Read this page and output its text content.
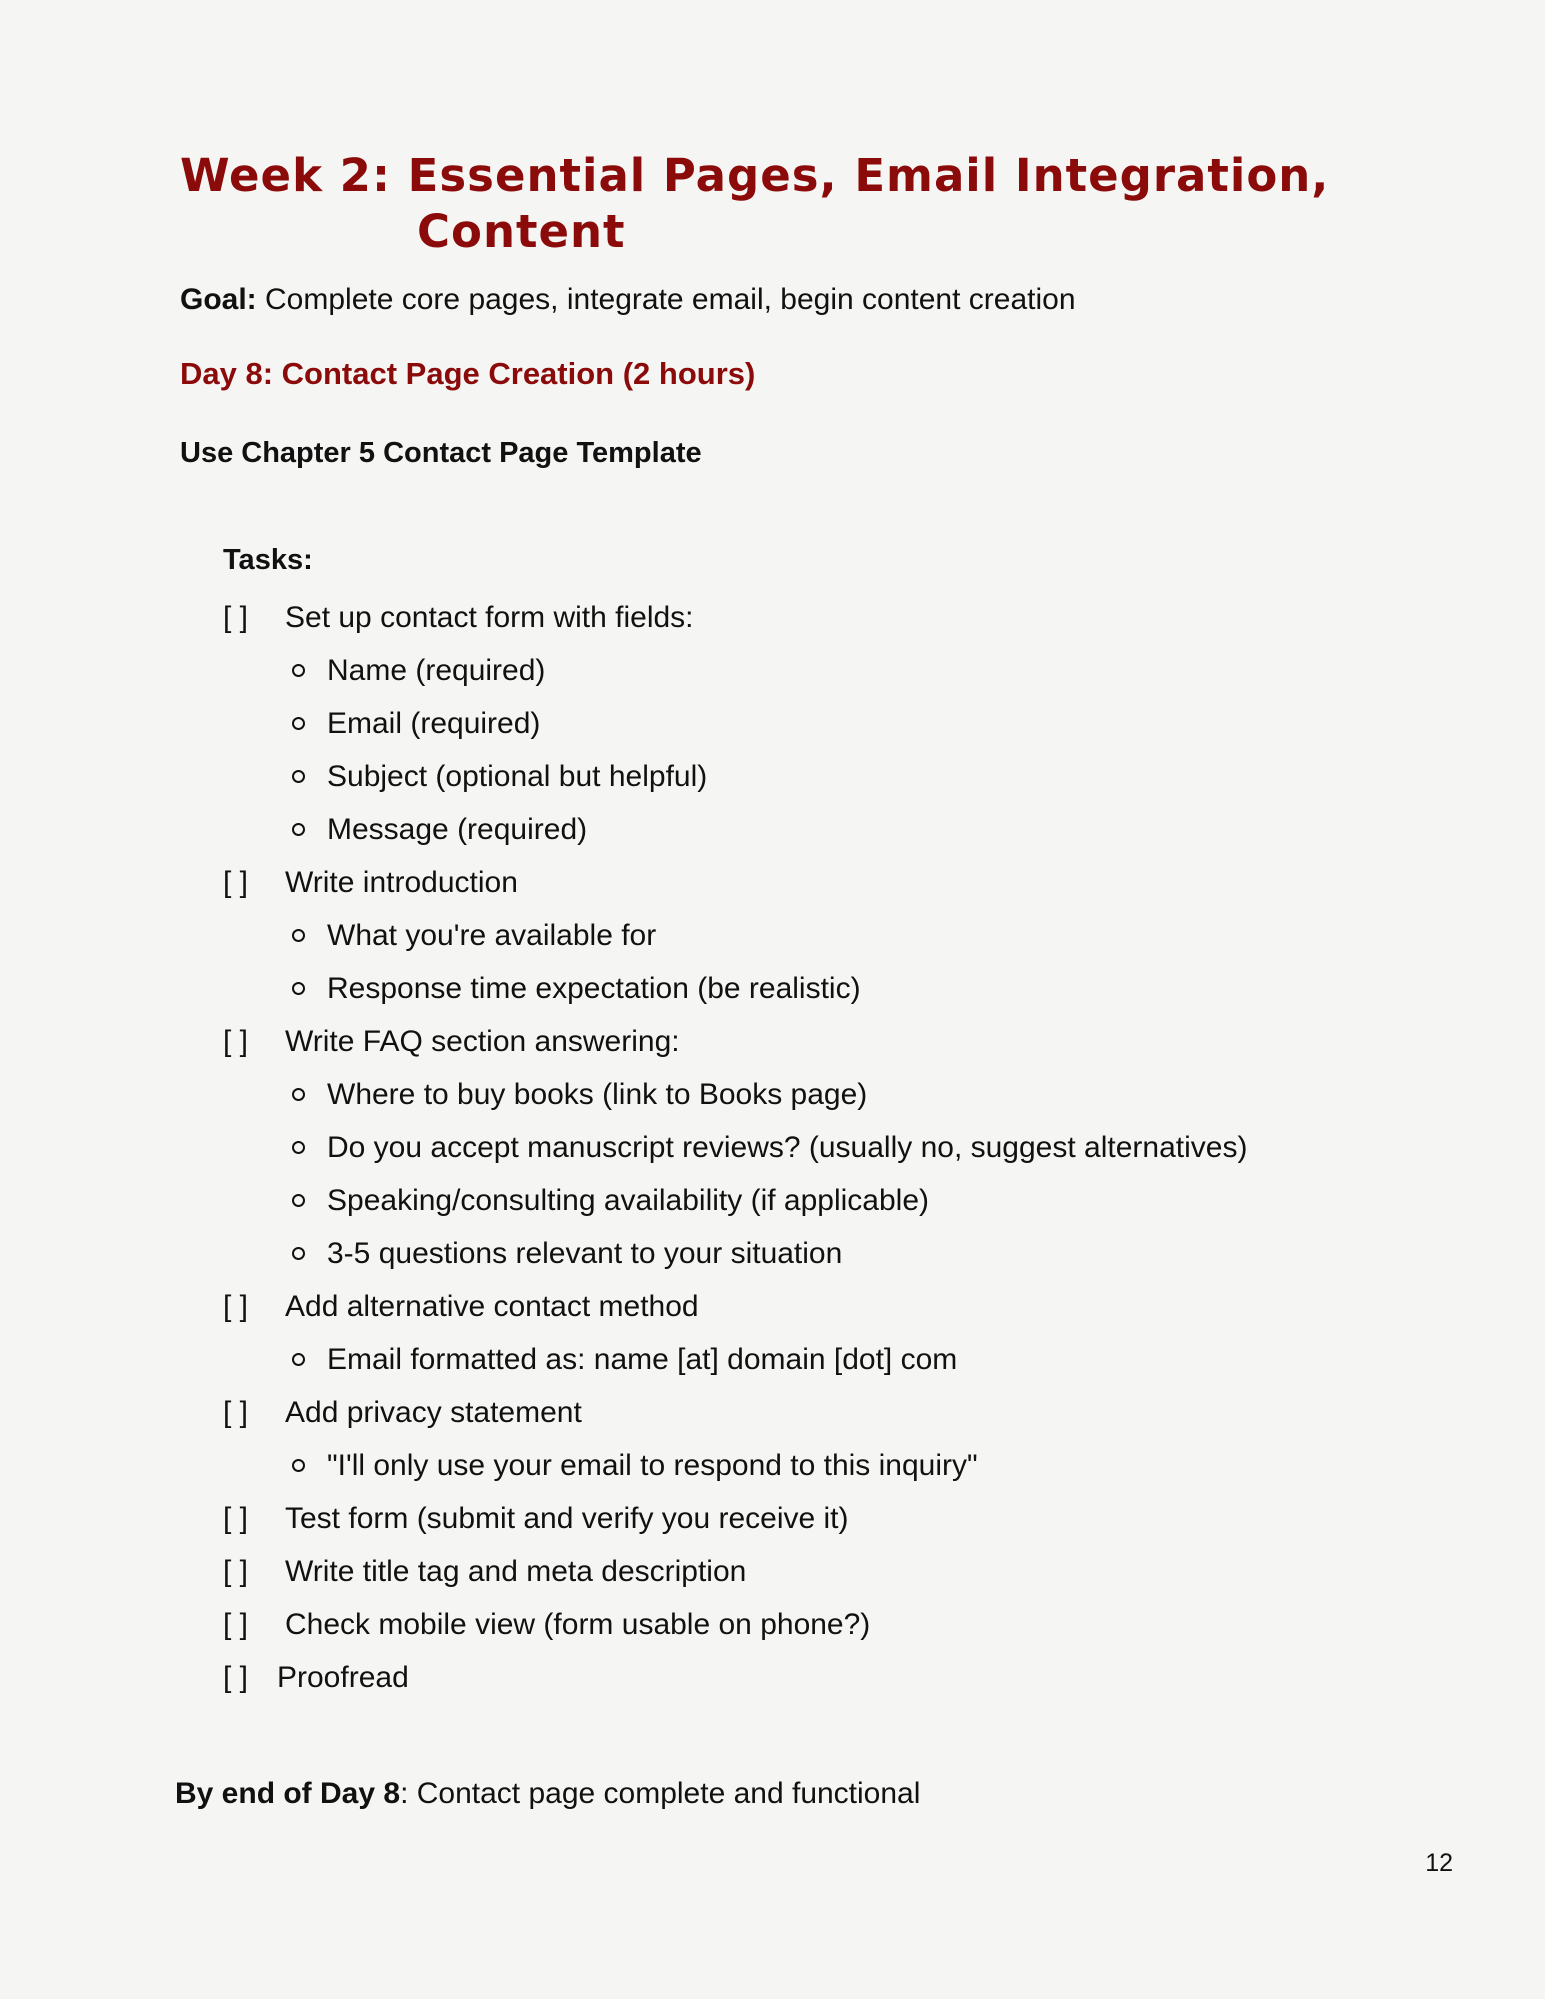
Week 2: Essential Pages, Email Integration,
Content
Goal: Complete core pages, integrate email, begin content creation
Day 8: Contact Page Creation (2 hours)
Use Chapter 5 Contact Page Template
Tasks:
[ ]	Set up contact form with fields:
Name (required)
Email (required)
Subject (optional but helpful)
Message (required)
[ ]	Write introduction
What you're available for
Response time expectation (be realistic)
[ ]	Write FAQ section answering:
Where to buy books (link to Books page)
Do you accept manuscript reviews? (usually no, suggest alternatives)
Speaking/consulting availability (if applicable)
3-5 questions relevant to your situation
[ ]	Add alternative contact method
Email formatted as: name [at] domain [dot] com
[ ]	Add privacy statement
"I'll only use your email to respond to this inquiry"
[ ]	Test form (submit and verify you receive it)
[ ]	Write title tag and meta description
[ ]	Check mobile view (form usable on phone?)
[ ] Proofread
By end of Day 8: Contact page complete and functional
12
